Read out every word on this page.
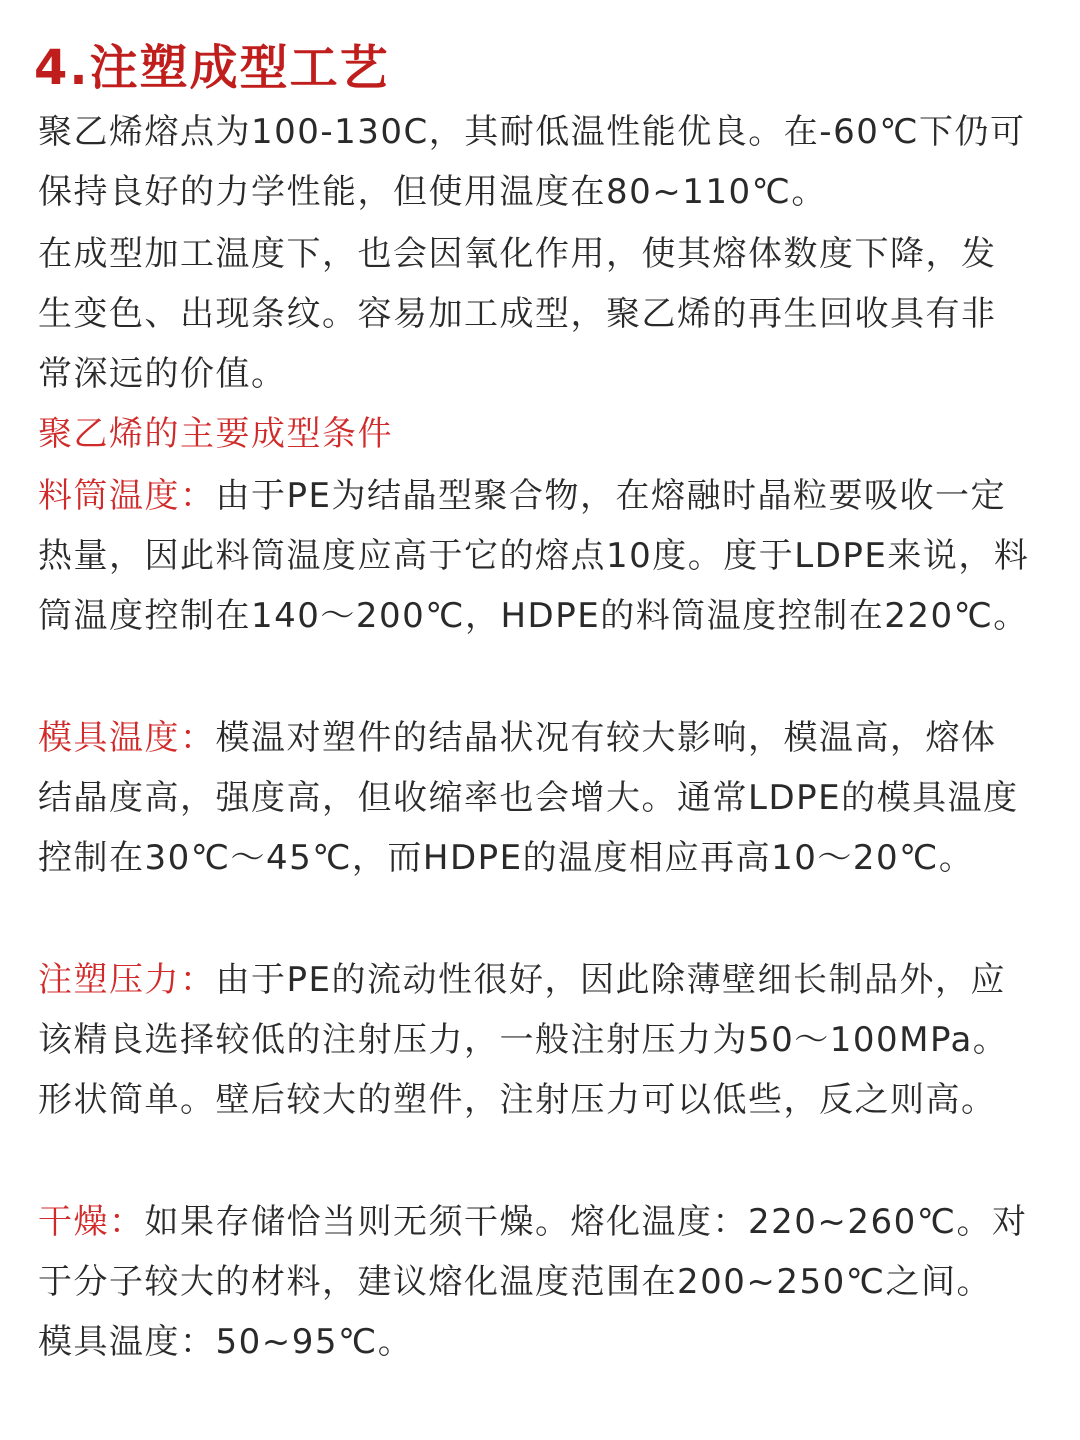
4.注塑成型工艺

聚乙烯熔点为100-130C，其耐低温性能优良。在-60℃下仍可

保持良好的力学性能，但使用温度在80~110℃。

在成型加工温度下，也会因氧化作用，使其熔体数度下降，发

生变色、出现条纹。容易加工成型，聚乙烯的再生回收具有非

常深远的价值。

聚乙烯的主要成型条件

料筒温度：由于PE为结晶型聚合物，在熔融时晶粒要吸收一定

热量，因此料筒温度应高于它的熔点10度。度于LDPE来说，料

筒温度控制在140～200℃，HDPE的料筒温度控制在220℃。

模具温度：模温对塑件的结晶状况有较大影响，模温高，熔体

结晶度高，强度高，但收缩率也会增大。通常LDPE的模具温度

控制在30℃～45℃，而HDPE的温度相应再高10～20℃。

注塑压力：由于PE的流动性很好，因此除薄壁细长制品外，应

该精良选择较低的注射压力，一般注射压力为50～100MPa。

形状简单。壁后较大的塑件，注射压力可以低些，反之则高。

干燥：如果存储恰当则无须干燥。熔化温度：220~260℃。对

于分子较大的材料，建议熔化温度范围在200~250℃之间。

模具温度：50~95℃。
